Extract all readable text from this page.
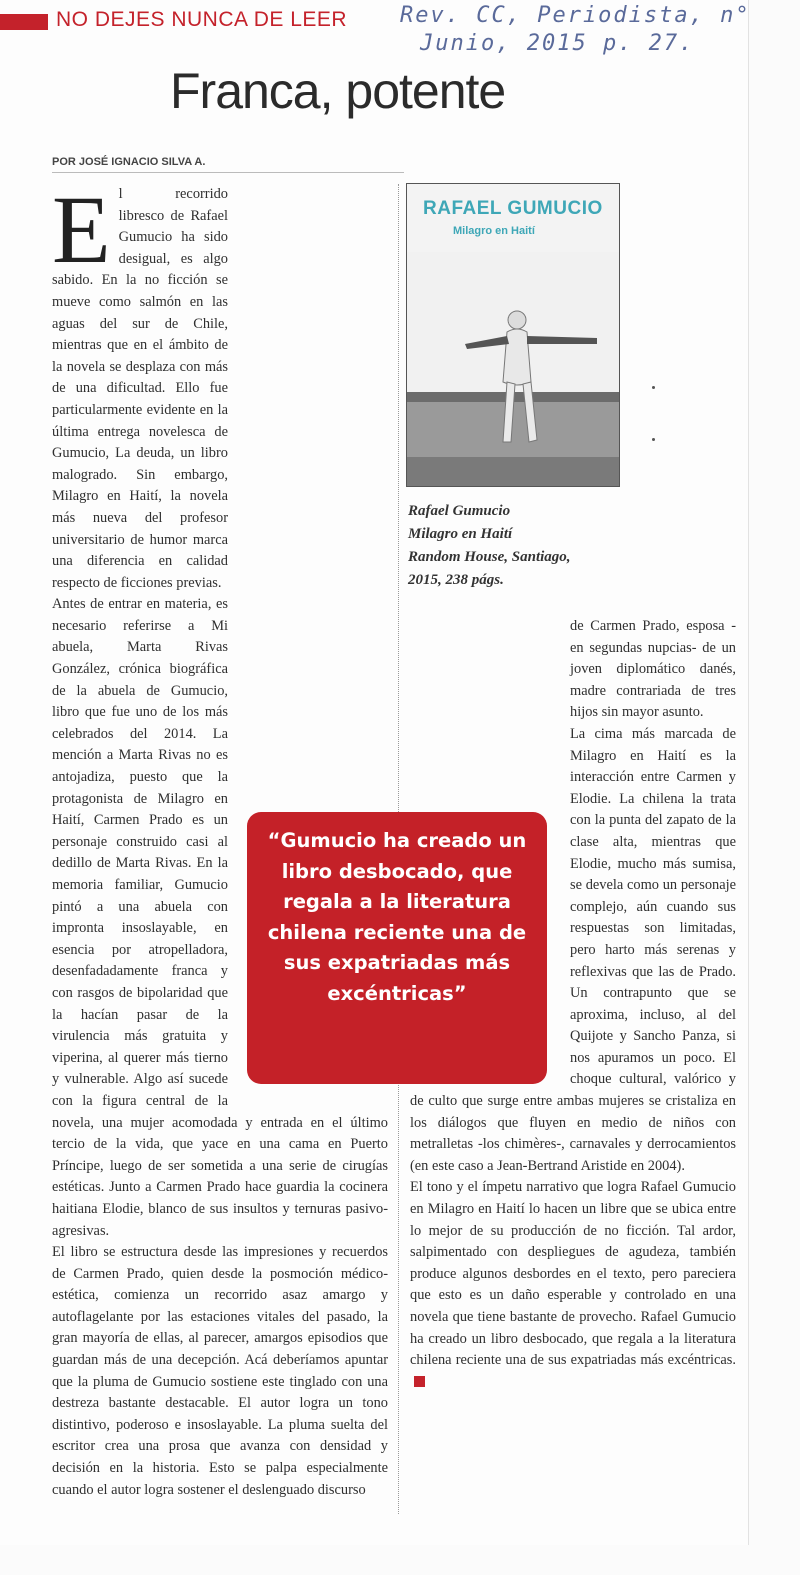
NO DEJES NUNCA DE LEER Rev. CC, Periodista, n°
Junio, 2015 p. 27.
Franca, potente
POR JOSÉ IGNACIO SILVA A.

El recorrido libresco de Rafael Gumucio ha sido desigual, es algo sabido. En la no ficción se mueve como salmón en las aguas del sur de Chile, mientras que en el ámbito de la novela se desplaza con más de una dificultad. Ello fue particularmente evidente en la última entrega novelesca de Gumucio, La deuda, un libro malogrado. Sin embargo, Milagro en Haití, la novela más nueva del profesor universitario de humor marca una diferencia en calidad respecto de ficciones previas.

Antes de entrar en materia, es necesario referirse a Mi abuela, Marta Rivas González, crónica biográfica de la abuela de Gumucio, libro que fue uno de los más celebrados del 2014. La mención a Marta Rivas no es antojadiza, puesto que la protagonista de Milagro en Haití, Carmen Prado es un personaje construido casi al dedillo de Marta Rivas. En la memoria familiar, Gumucio pintó a una abuela con impronta insoslayable, en esencia por atropelladora, desenfadadamente franca y con rasgos de bipolaridad que la hacían pasar de la virulencia más gratuita y viperina, al querer más tierno y vulnerable. Algo así sucede con la figura central de la novela, una mujer acomodada y entrada en el último tercio de la vida, que yace en una cama en Puerto Príncipe, luego de ser sometida a una serie de cirugías estéticas. Junto a Carmen Prado hace guardia la cocinera haitiana Elodie, blanco de sus insultos y ternuras pasivo-agresivas.

El libro se estructura desde las impresiones y recuerdos de Carmen Prado, quien desde la posmoción médico-estética, comienza un recorrido asaz amargo y autoflagelante por las estaciones vitales del pasado, la gran mayoría de ellas, al parecer, amargos episodios que guardan más de una decepción. Acá deberíamos apuntar que la pluma de Gumucio sostiene este tinglado con una destreza bastante destacable. El autor logra un tono distintivo, poderoso e insoslayable. La pluma suelta del escritor crea una prosa que avanza con densidad y decisión en la historia. Esto se palpa especialmente cuando el autor logra sostener el deslenguado discurso

RAFAEL GUMUCIO
Milagro en Haití
Rafael Gumucio
Milagro en Haití
Random House, Santiago,
2015, 238 págs.

de Carmen Prado, esposa -en segundas nupcias- de un joven diplomático danés, madre contrariada de tres hijos sin mayor asunto.

La cima más marcada de Milagro en Haití es la interacción entre Carmen y Elodie. La chilena la trata con la punta del zapato de la clase alta, mientras que Elodie, mucho más sumisa, se devela como un personaje complejo, aún cuando sus respuestas son limitadas, pero harto más serenas y reflexivas que las de Prado. Un contrapunto que se aproxima, incluso, al del Quijote y Sancho Panza, si nos apuramos un poco. El choque cultural, valórico y de culto que surge entre ambas mujeres se cristaliza en los diálogos que fluyen en medio de niños con metralletas -los chimères-, carnavales y derrocamientos (en este caso a Jean-Bertrand Aristide en 2004).

El tono y el ímpetu narrativo que logra Rafael Gumucio en Milagro en Haití lo hacen un libre que se ubica entre lo mejor de su producción de no ficción. Tal ardor, salpimentado con despliegues de agudeza, también produce algunos desbordes en el texto, pero pareciera que esto es un daño esperable y controlado en una novela que tiene bastante de provecho. Rafael Gumucio ha creado un libro desbocado, que regala a la literatura chilena reciente una de sus expatriadas más excéntricas.

“Gumucio ha creado un libro desbocado, que regala a la literatura chilena reciente una de sus expatriadas más excéntricas”
